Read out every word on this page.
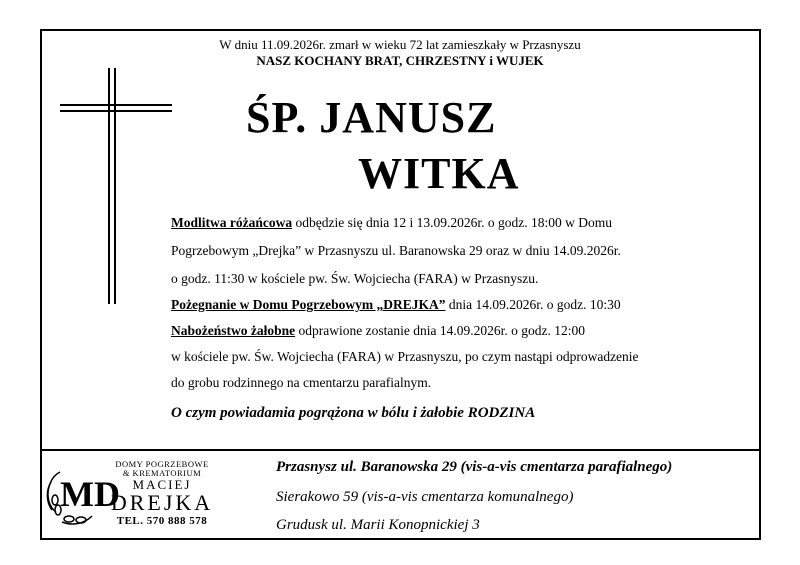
W dniu 11.09.2026r. zmarł w wieku 72 lat zamieszkały w Przasnyszu
NASZ KOCHANY BRAT, CHRZESTNY i WUJEK
ŚP. JANUSZ
WITKA
Modlitwa różańcowa odbędzie się dnia 12 i 13.09.2026r. o godz. 18:00 w Domu
Pogrzebowym „Drejka” w Przasnyszu ul. Baranowska 29 oraz w dniu 14.09.2026r.
o godz. 11:30 w kościele pw. Św. Wojciecha (FARA) w Przasnyszu.
Pożegnanie w Domu Pogrzebowym „DREJKA” dnia 14.09.2026r. o godz. 10:30
Nabożeństwo żałobne odprawione zostanie dnia 14.09.2026r. o godz. 12:00
w kościele pw. Św. Wojciecha (FARA) w Przasnyszu, po czym nastąpi odprowadzenie
do grobu rodzinnego na cmentarzu parafialnym.
O czym powiadamia pogrążona w bólu i żałobie RODZINA
MD
DOMY POGRZEBOWE
& KREMATORIUM
MACIEJ
DREJKA
TEL. 570 888 578
Przasnysz ul. Baranowska 29 (vis-a-vis cmentarza parafialnego)
Sierakowo 59 (vis-a-vis cmentarza komunalnego)
Grudusk ul. Marii Konopnickiej 3
